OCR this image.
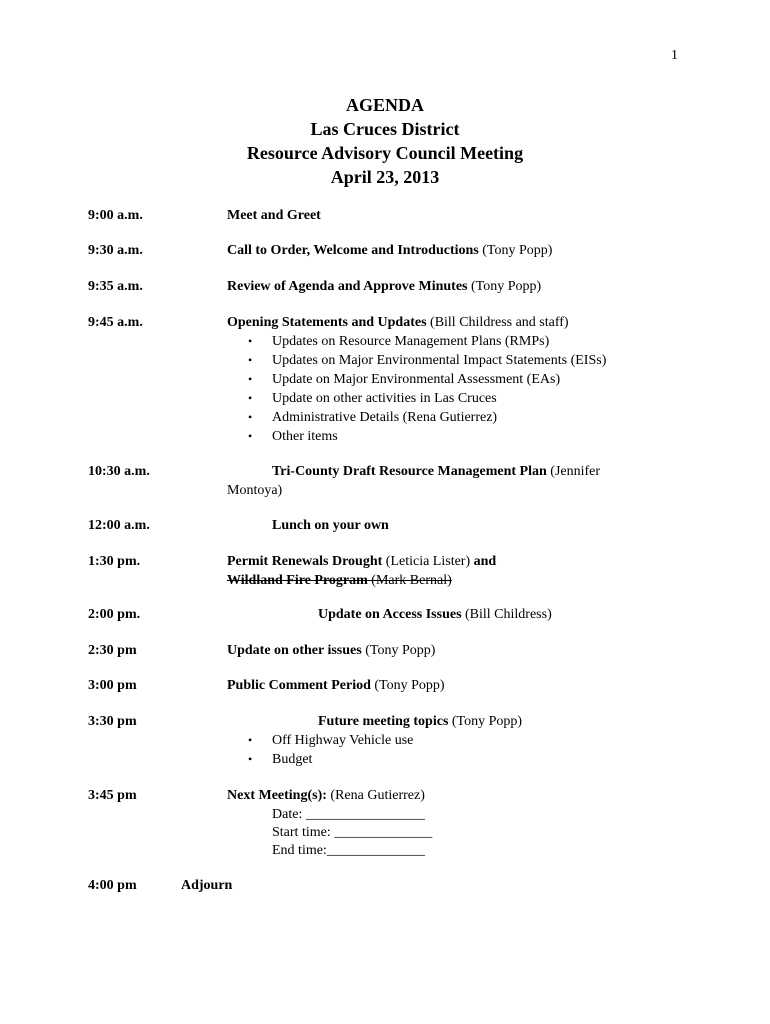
1
AGENDA
Las Cruces District
Resource Advisory Council Meeting
April 23, 2013
9:00 a.m.	Meet and Greet
9:30 a.m.	Call to Order, Welcome and Introductions (Tony Popp)
9:35 a.m.	Review of Agenda and Approve Minutes (Tony Popp)
9:45 a.m.	Opening Statements and Updates (Bill Childress and staff)
• Updates on Resource Management Plans (RMPs)
• Updates on Major Environmental Impact Statements (EISs)
• Update on Major Environmental Assessment (EAs)
• Update on other activities in Las Cruces
• Administrative Details (Rena Gutierrez)
• Other items
10:30 a.m.	Tri-County Draft Resource Management Plan (Jennifer
Montoya)
12:00 a.m.	Lunch on your own
1:30 pm.	Permit Renewals Drought (Leticia Lister) and
Wildland Fire Program (Mark Bernal)
2:00 pm.	Update on Access Issues (Bill Childress)
2:30 pm	Update on other issues (Tony Popp)
3:00 pm	Public Comment Period (Tony Popp)
3:30 pm	Future meeting topics (Tony Popp)
• Off Highway Vehicle use
• Budget
3:45 pm	Next Meeting(s): (Rena Gutierrez)
Date: _________________
Start time: ______________
End time:______________
4:00 pm	Adjourn
